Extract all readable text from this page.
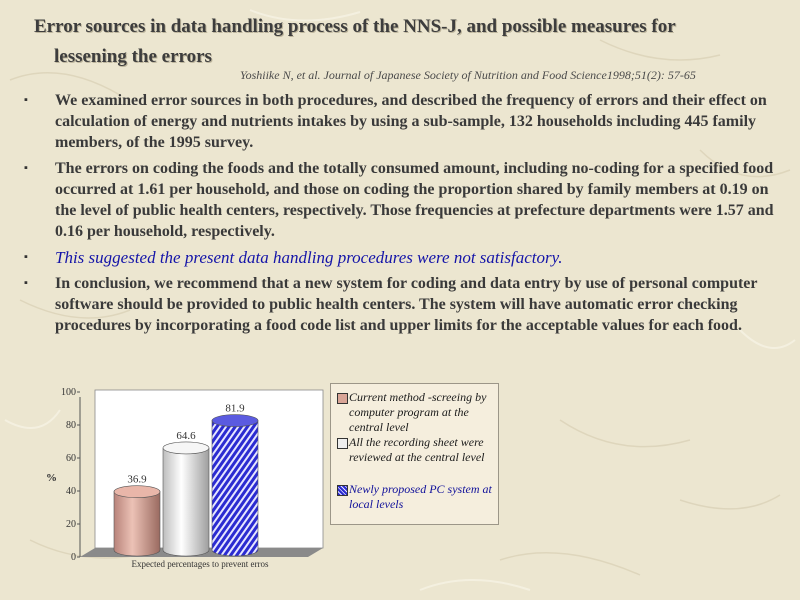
Error sources in data handling process of the NNS-J, and possible measures for
lessening the errors
Yoshiike N, et al. Journal of Japanese Society of Nutrition and Food Science1998;51(2): 57-65
▪ We examined error sources in both procedures, and described the frequency of errors and their effect on calculation of energy and nutrients intakes by using a sub-sample, 132 households including 445 family members, of the 1995 survey.
▪ The errors on coding the foods and the totally consumed amount, including no-coding for a specified food occurred at 1.61 per household, and those on coding the proportion shared by family members at 0.19 on the level of public health centers, respectively. Those frequencies at prefecture departments were 1.57 and 0.16 per household, respectively.
▪ This suggested the present data handling procedures were not satisfactory.
▪ In conclusion, we recommend that a new system for coding and data entry by use of personal computer software should be provided to public health centers. The system will have automatic error checking procedures by incorporating a food code list and upper limits for the acceptable values for each food.
0
20
40
60
80
100
36.9
64.6
81.9
%
Expected percentages to prevent erros
Current method -screeing by computer program at the central level
All the recording sheet were reviewed at the central level
Newly proposed PC system at local levels
